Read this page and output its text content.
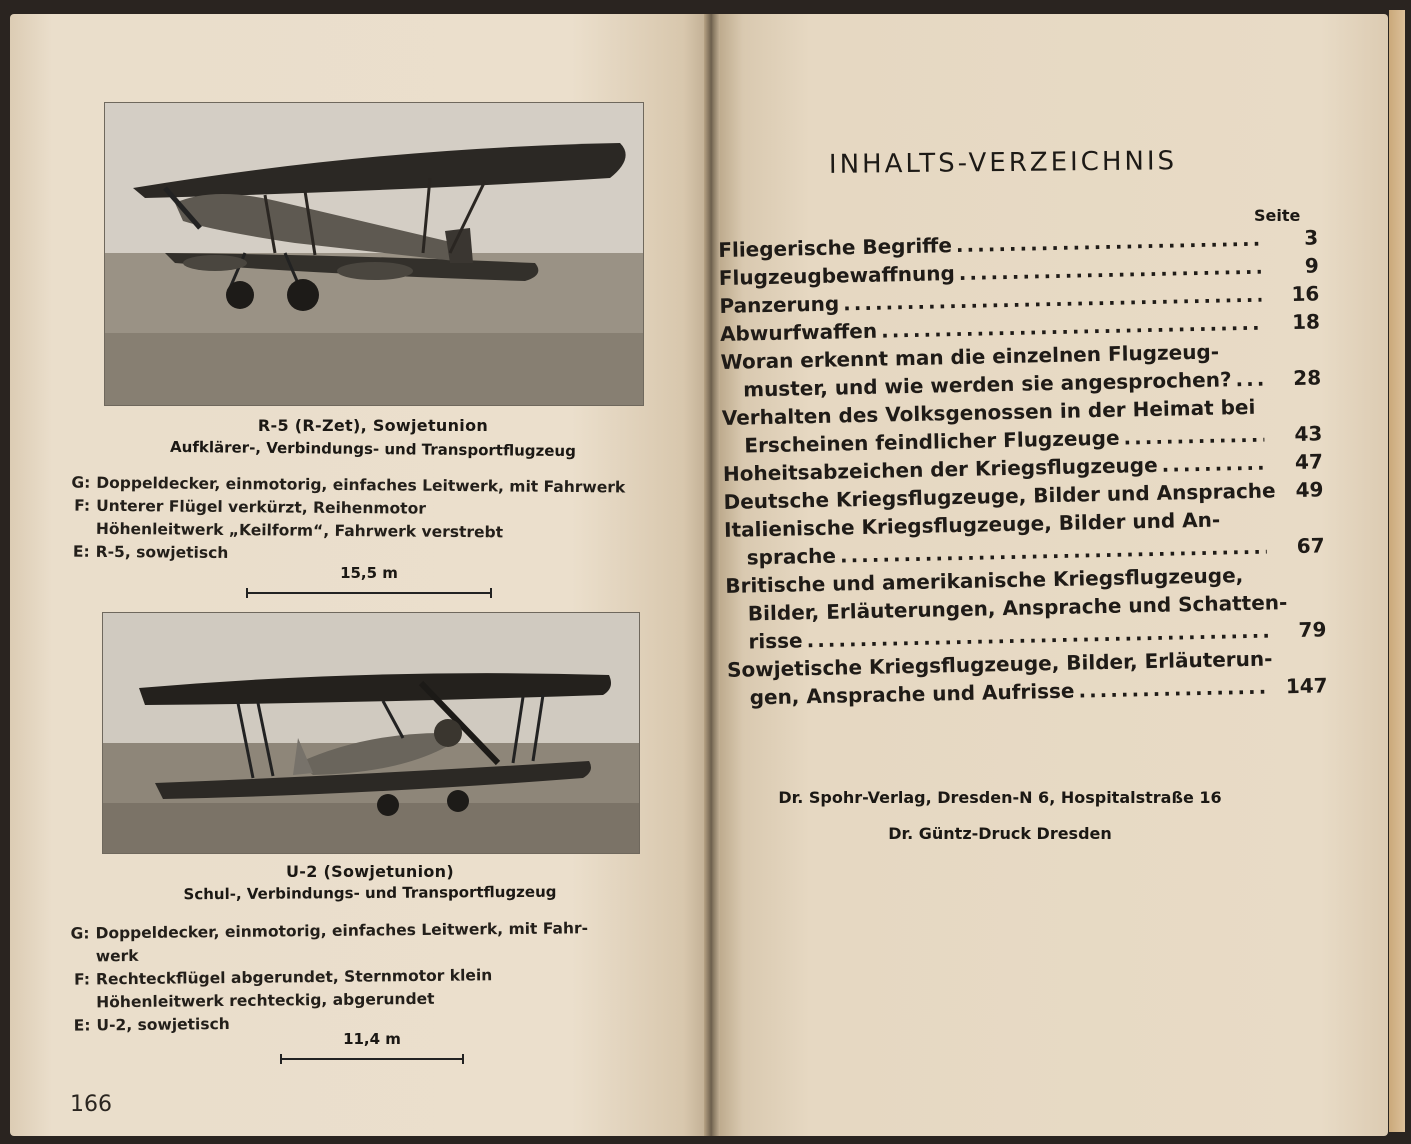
R-5 (R-Zet), Sowjetunion
Aufklärer-, Verbindungs- und Transportflugzeug
G: Doppeldecker, einmotorig, einfaches Leitwerk, mit Fahrwerk
F: Unterer Flügel verkürzt, Reihenmotor
Höhenleitwerk „Keilform“, Fahrwerk verstrebt
E: R-5, sowjetisch
15,5 m
U-2 (Sowjetunion)
Schul-, Verbindungs- und Transportflugzeug
G: Doppeldecker, einmotorig, einfaches Leitwerk, mit Fahr-
werk
F: Rechteckflügel abgerundet, Sternmotor klein
Höhenleitwerk rechteckig, abgerundet
E: U-2, sowjetisch
11,4 m
166
INHALTS-VERZEICHNIS
Seite
Fliegerische Begriffe .....	3
Flugzeugbewaffnung .....	9
Panzerung .....	16
Abwurfwaffen .....	18
Woran erkennt man die einzelnen Flugzeug-
muster, und wie werden sie angesprochen? .....	28
Verhalten des Volksgenossen in der Heimat bei
Erscheinen feindlicher Flugzeuge .....	43
Hoheitsabzeichen der Kriegsflugzeuge .....	47
Deutsche Kriegsflugzeuge, Bilder und Ansprache 49
Italienische Kriegsflugzeuge, Bilder und An-
sprache .....	67
Britische und amerikanische Kriegsflugzeuge,
Bilder, Erläuterungen, Ansprache und Schatten-
risse .....	79
Sowjetische Kriegsflugzeuge, Bilder, Erläuterun-
gen, Ansprache und Aufrisse .....	147
Dr. Spohr-Verlag, Dresden-N 6, Hospitalstraße 16
Dr. Güntz-Druck Dresden
